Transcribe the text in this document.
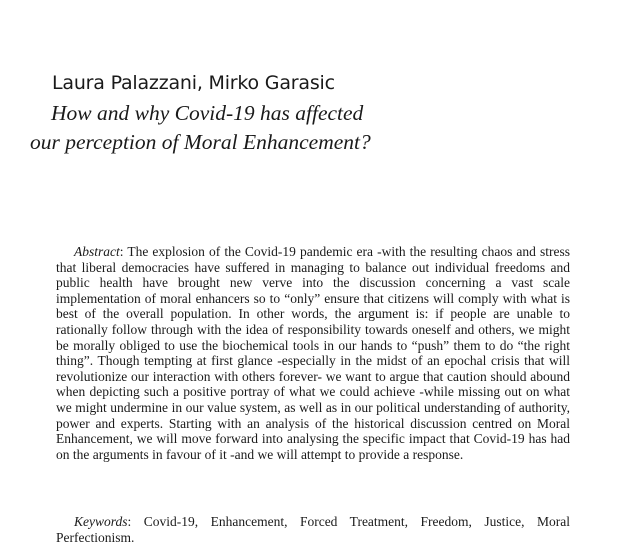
Laura Palazzani, Mirko Garasic
How and why Covid-19 has affected
our perception of Moral Enhancement?

Abstract: The explosion of the Covid-19 pandemic era -with the resulting chaos and stress that liberal democracies have suffered in managing to balance out individual freedoms and public health have brought new verve into the discussion concerning a vast scale implementation of moral enhancers so to “only” ensure that citizens will comply with what is best of the overall population. In other words, the argument is: if people are unable to rationally follow through with the idea of responsibility towards oneself and others, we might be morally obliged to use the biochemical tools in our hands to “push” them to do “the right thing”. Though tempting at first glance -especially in the midst of an epochal crisis that will revolutionize our interaction with others forever- we want to argue that caution should abound when depicting such a positive portray of what we could achieve -while missing out on what we might undermine in our value system, as well as in our political understanding of authority, power and experts. Starting with an analysis of the historical discussion centred on Moral Enhancement, we will move forward into analysing the specific impact that Covid-19 has had on the arguments in favour of it -and we will attempt to provide a response.

Keywords: Covid-19, Enhancement, Forced Treatment, Freedom, Justice, Moral Perfectionism.
